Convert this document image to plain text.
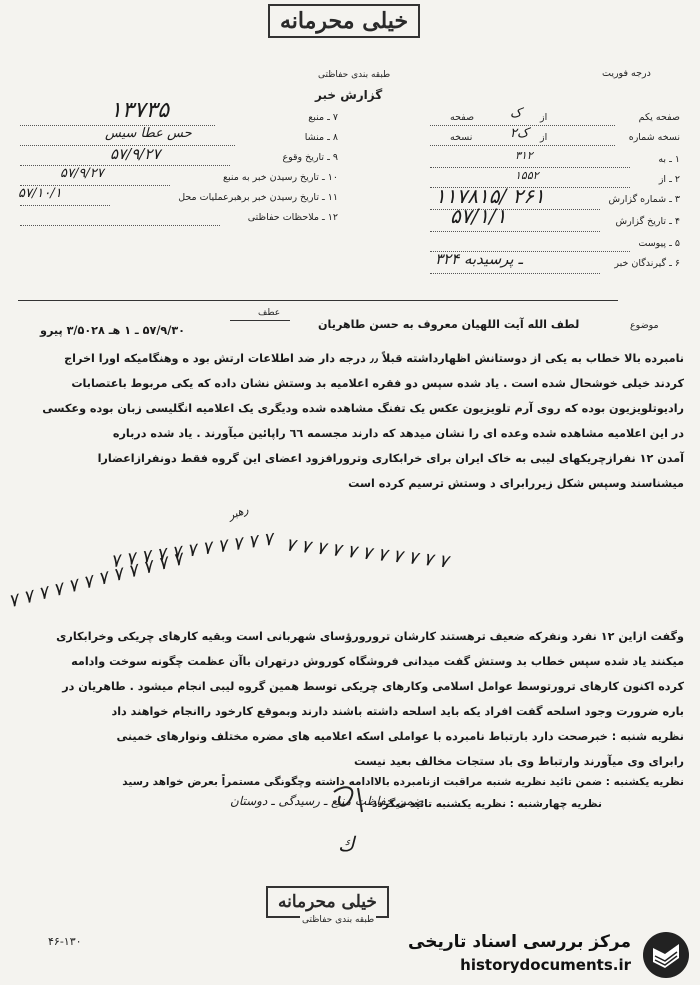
خیلی محرمانه
درجه فوریت
طبقه بندی حفاظتی
گزارش خبر
صفحه یکم
ک از
صفحه
نسخه شماره
۲ک از
نسخه
۱ ـ به
۳۱۲
۲ ـ از
۱۵۵۲
۳ ـ شماره گزارش
۱۱۷۸۱۵/ ۲۶۱
۴ ـ تاریخ گزارش
۵۷/۱/۱
۵ ـ پیوست
۶ ـ گیرندگان خبر
۳۲۴ ـ پرسیدبه
۷ ـ منبع
۱۳۷۳۵
۸ ـ منشا
حس عطا سیس
۹ ـ تاریخ وقوع
۵۷/۹/۲۷
۱۰ ـ تاریخ رسیدن خبر به منبع
۵۷/۹/۲۷
۱۱ ـ تاریخ رسیدن خبر برهبرعملیات محل
۵۷/۱۰/۱
۱۲ ـ ملاحظات حفاظتی
عطف
۵۷/۹/۳۰ ـ ۱ هـ ۳/۵۰۲۸ پیرو	موضوع
لطف الله آیت اللهیان معروف به حسن طاهریان
نامبرده بالا خطاب به یکی از دوستانش اظهارداشته قبلاً ٫٫ درجه دار ضد اطلاعات ارتش بود ه وهنگامیکه اورا اخراج
کردند خیلی خوشحال شده است . یاد شده سپس دو فقره اعلامیه بد وستش نشان داده که یکی مربوط باعتصابات
رادیوتلویزیون بوده که روی آرم تلویزیون عکس یک تفنگ مشاهده شده ودیگری یک اعلامیه انگلیسی زبان بوده وعکسی
در این اعلامیه مشاهده شده وعده ای را نشان میدهد که دارند مجسمه ٦٦ راپائین میآورند . یاد شده درباره
آمدن ۱۲ نفرازچریکهای لیبی به خاک ایران برای خرابکاری وترورافزود اعضای این گروه فقط دونفرازاعضارا
میشناسند وسپس شکل زیررابرای د وستش ترسیم کرده است
رهبر
۷ ۷ ۷ ۷ ۷ ۷ ۷ ۷ ۷ ۷ ۷ ۷ ۷ ۷ ۷ ۷ ۷ ۷ ۷ ۷ ۷ ۷
۷ ۷ ۷ ۷ ۷ ۷ ۷ ۷ ۷ ۷ ۷ ۷
وگفت ازاین ۱۲ نفرد ونفرکه ضعیف ترهستند کارشان ترورورؤسای شهربانی است وبقیه کارهای چریکی وخرابکاری
میکنند یاد شده سپس خطاب بد وستش گفت میدانی فروشگاه کوروش درتهران باآن عظمت چگونه سوخت وادامه
کرده اکنون کارهای ترورتوسط عوامل اسلامی وکارهای چریکی توسط همین گروه لیبی انجام میشود . طاهریان در
باره ضرورت وجود اسلحه گفت افراد یکه باید اسلحه داشته باشند دارند وبموقع کارخود راانجام خواهند داد
نظریه شنبه : خبرصحت دارد بارتباط نامبرده با عواملی اسکه اعلامیه های مضره مختلف ونوارهای خمینی
رابرای وی میآورند وارتباط وی باد ستجات مخالف بعید نیست
نظریه یکشنبه : ضمن تائید نظریه شنبه مراقبت ازنامبرده بالاادامه داشته وچگونگی مستمراً بعرض خواهد رسید
نظریه چهارشنبه : نظریه یکشنبه تائید میگردد
ضمن حفاظت منبع ـ رسیدگی ـ دوستان
ﻙ
خیلی محرمانه
طبقه بندی حفاظتی
۴۶-۱۳۰	مرکز بررسی اسناد تاریخی
historydocuments.ir
